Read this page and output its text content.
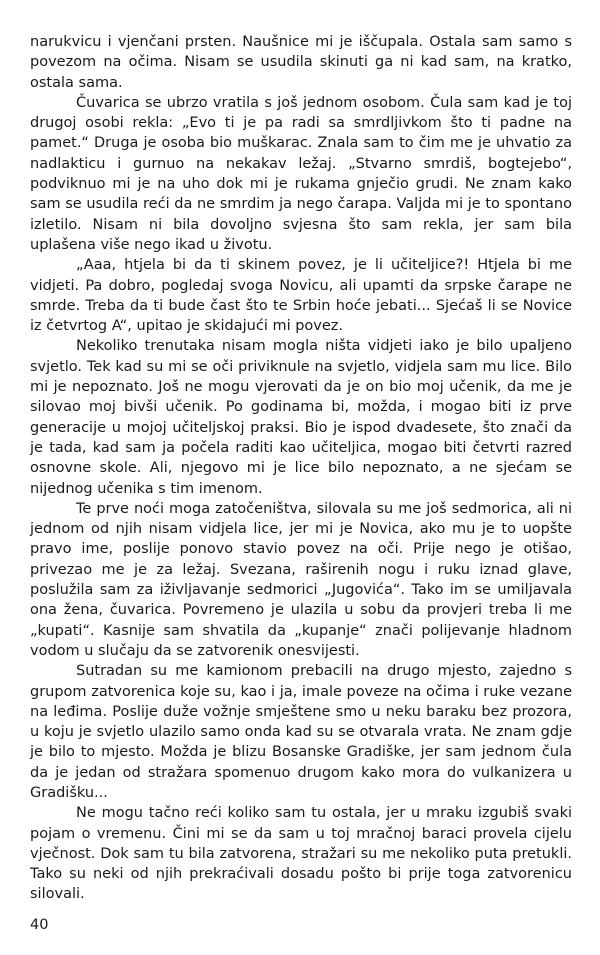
narukvicu i vjenčani prsten. Naušnice mi je iščupala. Ostala sam samo s povezom na očima. Nisam se usudila skinuti ga ni kad sam, na kratko, ostala sama.

Čuvarica se ubrzo vratila s još jednom osobom. Čula sam kad je toj drugoj osobi rekla: „Evo ti je pa radi sa smrdljivkom što ti padne na pamet.“ Druga je osoba bio muškarac. Znala sam to čim me je uhvatio za nadlakticu i gurnuo na nekakav ležaj. „Stvarno smrdiš, bogtejebo“, podviknuo mi je na uho dok mi je rukama gnječio grudi. Ne znam kako sam se usudila reći da ne smrdim ja nego čarapa. Valjda mi je to spontano izletilo. Nisam ni bila dovoljno svjesna što sam rekla, jer sam bila uplašena više nego ikad u životu.

„Aaa, htjela bi da ti skinem povez, je li učiteljice?! Htjela bi me vidjeti. Pa dobro, pogledaj svoga Novicu, ali upamti da srpske čarape ne smrde. Treba da ti bude čast što te Srbin hoće jebati... Sjećaš li se Novice iz četvrtog A“, upitao je skidajući mi povez.

Nekoliko trenutaka nisam mogla ništa vidjeti iako je bilo upaljeno svjetlo. Tek kad su mi se oči priviknule na svjetlo, vidjela sam mu lice. Bilo mi je nepoznato. Još ne mogu vjerovati da je on bio moj učenik, da me je silovao moj bivši učenik. Po godinama bi, možda, i mogao biti iz prve generacije u mojoj učiteljskoj praksi. Bio je ispod dvadesete, što znači da je tada, kad sam ja počela raditi kao učiteljica, mogao biti četvrti razred osnovne skole. Ali, njegovo mi je lice bilo nepoznato, a ne sjećam se nijednog učenika s tim imenom.

Te prve noći moga zatočeništva, silovala su me još sedmorica, ali ni jednom od njih nisam vidjela lice, jer mi je Novica, ako mu je to uopšte pravo ime, poslije ponovo stavio povez na oči. Prije nego je otišao, privezao me je za ležaj. Svezana, raširenih nogu i ruku iznad glave, poslužila sam za iživljavanje sedmorici „Jugovića“. Tako im se umiljavala ona žena, čuvarica. Povremeno je ulazila u sobu da provjeri treba li me „kupati“. Kasnije sam shvatila da „kupanje“ znači polijevanje hladnom vodom u slučaju da se zatvorenik onesvijesti.

Sutradan su me kamionom prebacili na drugo mjesto, zajedno s grupom zatvorenica koje su, kao i ja, imale poveze na očima i ruke vezane na leđima. Poslije duže vožnje smještene smo u neku baraku bez prozora, u koju je svjetlo ulazilo samo onda kad su se otvarala vrata. Ne znam gdje je bilo to mjesto. Možda je blizu Bosanske Gradiške, jer sam jednom čula da je jedan od stražara spomenuo drugom kako mora do vulkanizera u Gradišku...

Ne mogu tačno reći koliko sam tu ostala, jer u mraku izgubiš svaki pojam o vremenu. Čini mi se da sam u toj mračnoj baraci provela cijelu vječnost. Dok sam tu bila zatvorena, stražari su me nekoliko puta pretukli. Tako su neki od njih prekraćivali dosadu pošto bi prije toga zatvorenicu silovali.

40
